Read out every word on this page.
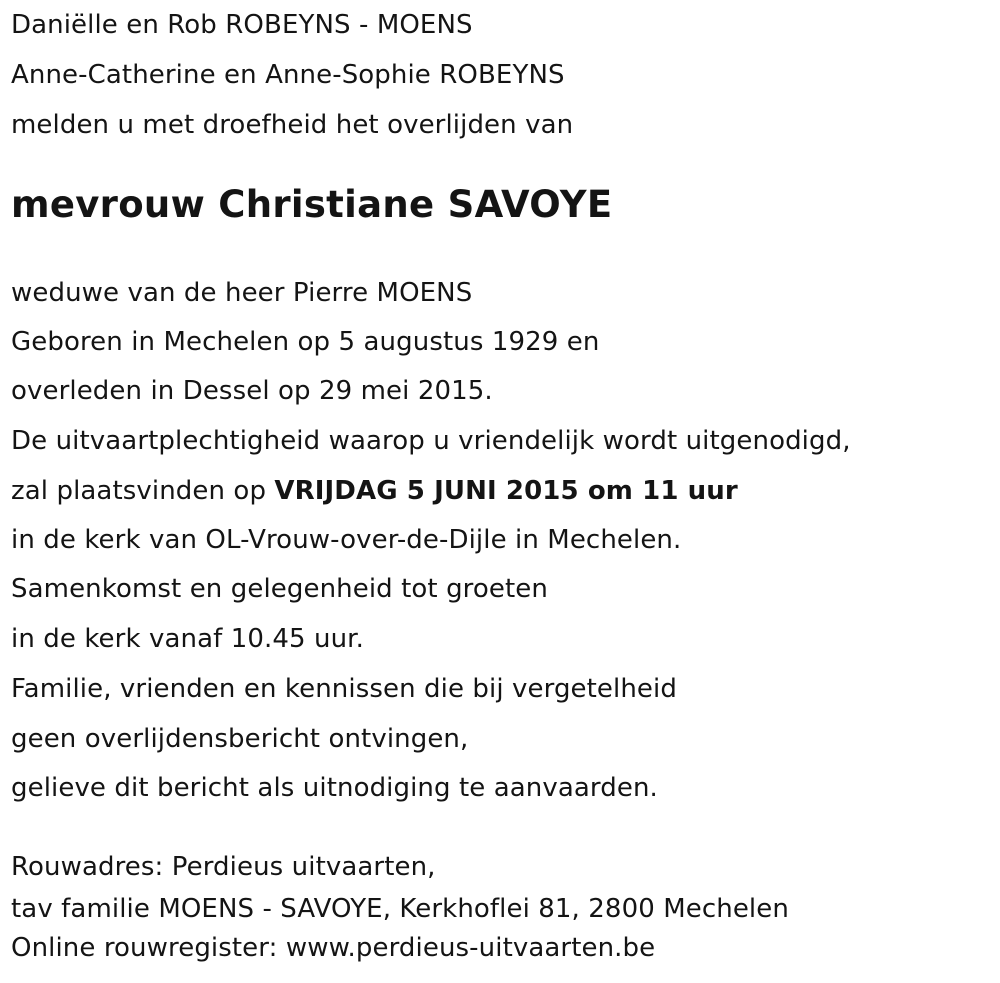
Daniëlle en Rob ROBEYNS - MOENS
Anne-Catherine en Anne-Sophie ROBEYNS
melden u met droefheid het overlijden van
mevrouw Christiane SAVOYE
weduwe van de heer Pierre MOENS
Geboren in Mechelen op 5 augustus 1929 en
overleden in Dessel op 29 mei 2015.
De uitvaartplechtigheid waarop u vriendelijk wordt uitgenodigd,
zal plaatsvinden op VRIJDAG 5 JUNI 2015 om 11 uur
in de kerk van OL-Vrouw-over-de-Dijle in Mechelen.
Samenkomst en gelegenheid tot groeten
in de kerk vanaf 10.45 uur.
Familie, vrienden en kennissen die bij vergetelheid
geen overlijdensbericht ontvingen,
gelieve dit bericht als uitnodiging te aanvaarden.
Rouwadres: Perdieus uitvaarten,
tav familie MOENS - SAVOYE, Kerkhoflei 81, 2800 Mechelen
Online rouwregister: www.perdieus-uitvaarten.be
